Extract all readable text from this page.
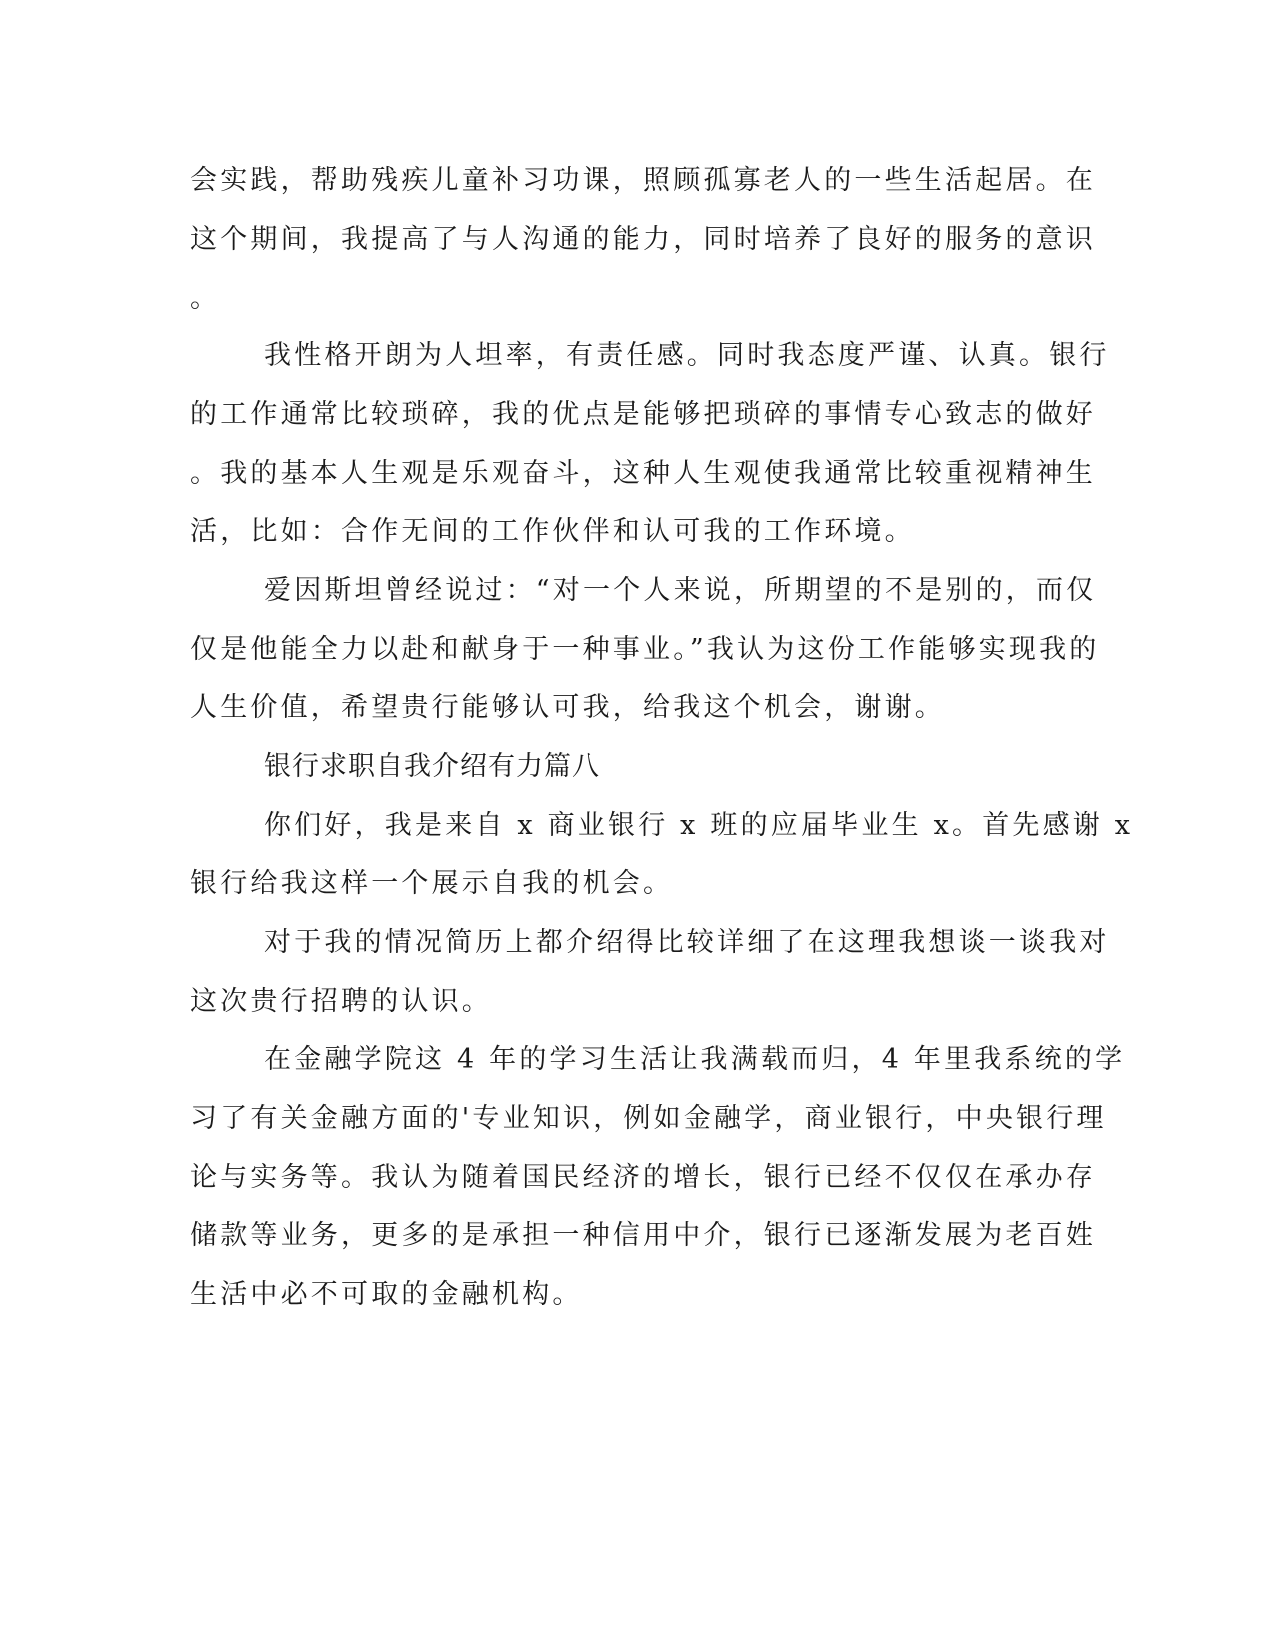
会实践，帮助残疾儿童补习功课，照顾孤寡老人的一些生活起居。在
这个期间，我提高了与人沟通的能力，同时培养了良好的服务的意识
。
我性格开朗为人坦率，有责任感。同时我态度严谨、认真。银行
的工作通常比较琐碎，我的优点是能够把琐碎的事情专心致志的做好
。我的基本人生观是乐观奋斗，这种人生观使我通常比较重视精神生
活，比如：合作无间的工作伙伴和认可我的工作环境。
爱因斯坦曾经说过：“对一个人来说，所期望的不是别的，而仅
仅是他能全力以赴和献身于一种事业。”我认为这份工作能够实现我的
人生价值，希望贵行能够认可我，给我这个机会，谢谢。
银行求职自我介绍有力篇八
你们好，我是来自 x 商业银行 x 班的应届毕业生 x。首先感谢 x
银行给我这样一个展示自我的机会。
对于我的情况简历上都介绍得比较详细了在这理我想谈一谈我对
这次贵行招聘的认识。
在金融学院这 4 年的学习生活让我满载而归，4 年里我系统的学
习了有关金融方面的'专业知识，例如金融学，商业银行，中央银行理
论与实务等。我认为随着国民经济的增长，银行已经不仅仅在承办存
储款等业务，更多的是承担一种信用中介，银行已逐渐发展为老百姓
生活中必不可取的金融机构。
